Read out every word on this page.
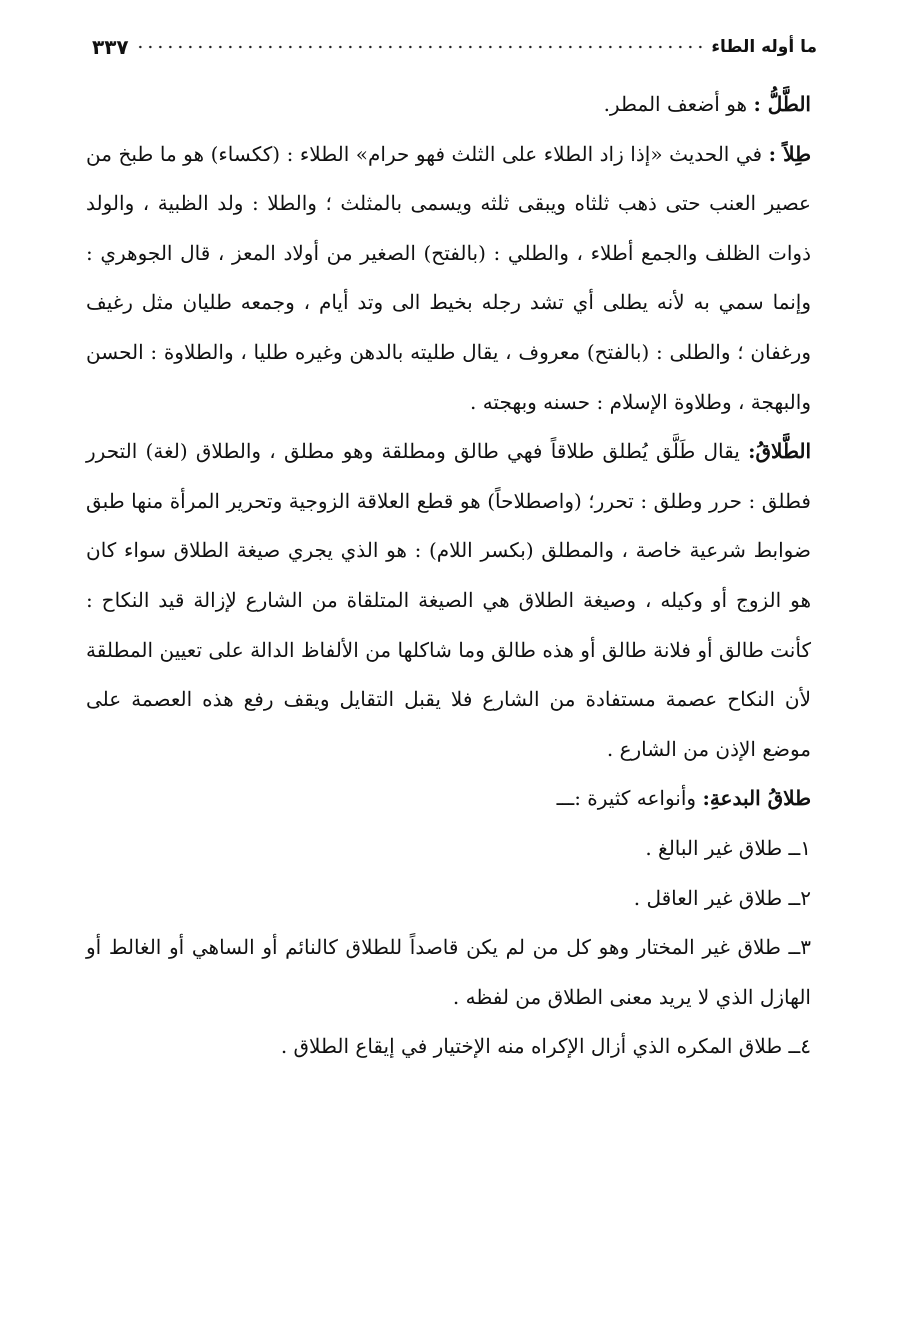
ما أوله الطاء
٣٣٧

الطَّلُّ : هو أضعف المطر.

طِلاً : في الحديث «إذا زاد الطلاء على الثلث فهو حرام» الطلاء : (ككساء) هو ما طبخ من عصير العنب حتى ذهب ثلثاه ويبقى ثلثه ويسمى بالمثلث ؛ والطلا : ولد الظبية ، والولد ذوات الظلف والجمع أطلاء ، والطلي : (بالفتح) الصغير من أولاد المعز ، قال الجوهري : وإنما سمي به لأنه يطلى أي تشد رجله بخيط الى وتد أيام ، وجمعه طليان مثل رغيف ورغفان ؛ والطلى : (بالفتح) معروف ، يقال طليته بالدهن وغيره طليا ، والطلاوة : الحسن والبهجة ، وطلاوة الإسلام : حسنه وبهجته .

الطَّلاقُ: يقال طَلَّق يُطلق طلاقاً فهي طالق ومطلقة وهو مطلق ، والطلاق (لغة) التحرر فطلق : حرر وطلق : تحرر؛ (واصطلاحاً) هو قطع العلاقة الزوجية وتحرير المرأة منها طبق ضوابط شرعية خاصة ، والمطلق (بكسر اللام) : هو الذي يجري صيغة الطلاق سواء كان هو الزوج أو وكيله ، وصيغة الطلاق هي الصيغة المتلقاة من الشارع لإزالة قيد النكاح : كأنت طالق أو فلانة طالق أو هذه طالق وما شاكلها من الألفاظ الدالة على تعيين المطلقة لأن النكاح عصمة مستفادة من الشارع فلا يقبل التقايل ويقف رفع هذه العصمة على موضع الإذن من الشارع .

طلاقُ البدعةِ: وأنواعه كثيرة :ـــ

١ــ طلاق غير البالغ .

٢ــ طلاق غير العاقل .

٣ــ طلاق غير المختار وهو كل من لم يكن قاصداً للطلاق كالنائم أو الساهي أو الغالط أو الهازل الذي لا يريد معنى الطلاق من لفظه .

٤ــ طلاق المكره الذي أزال الإكراه منه الإختيار في إيقاع الطلاق .
